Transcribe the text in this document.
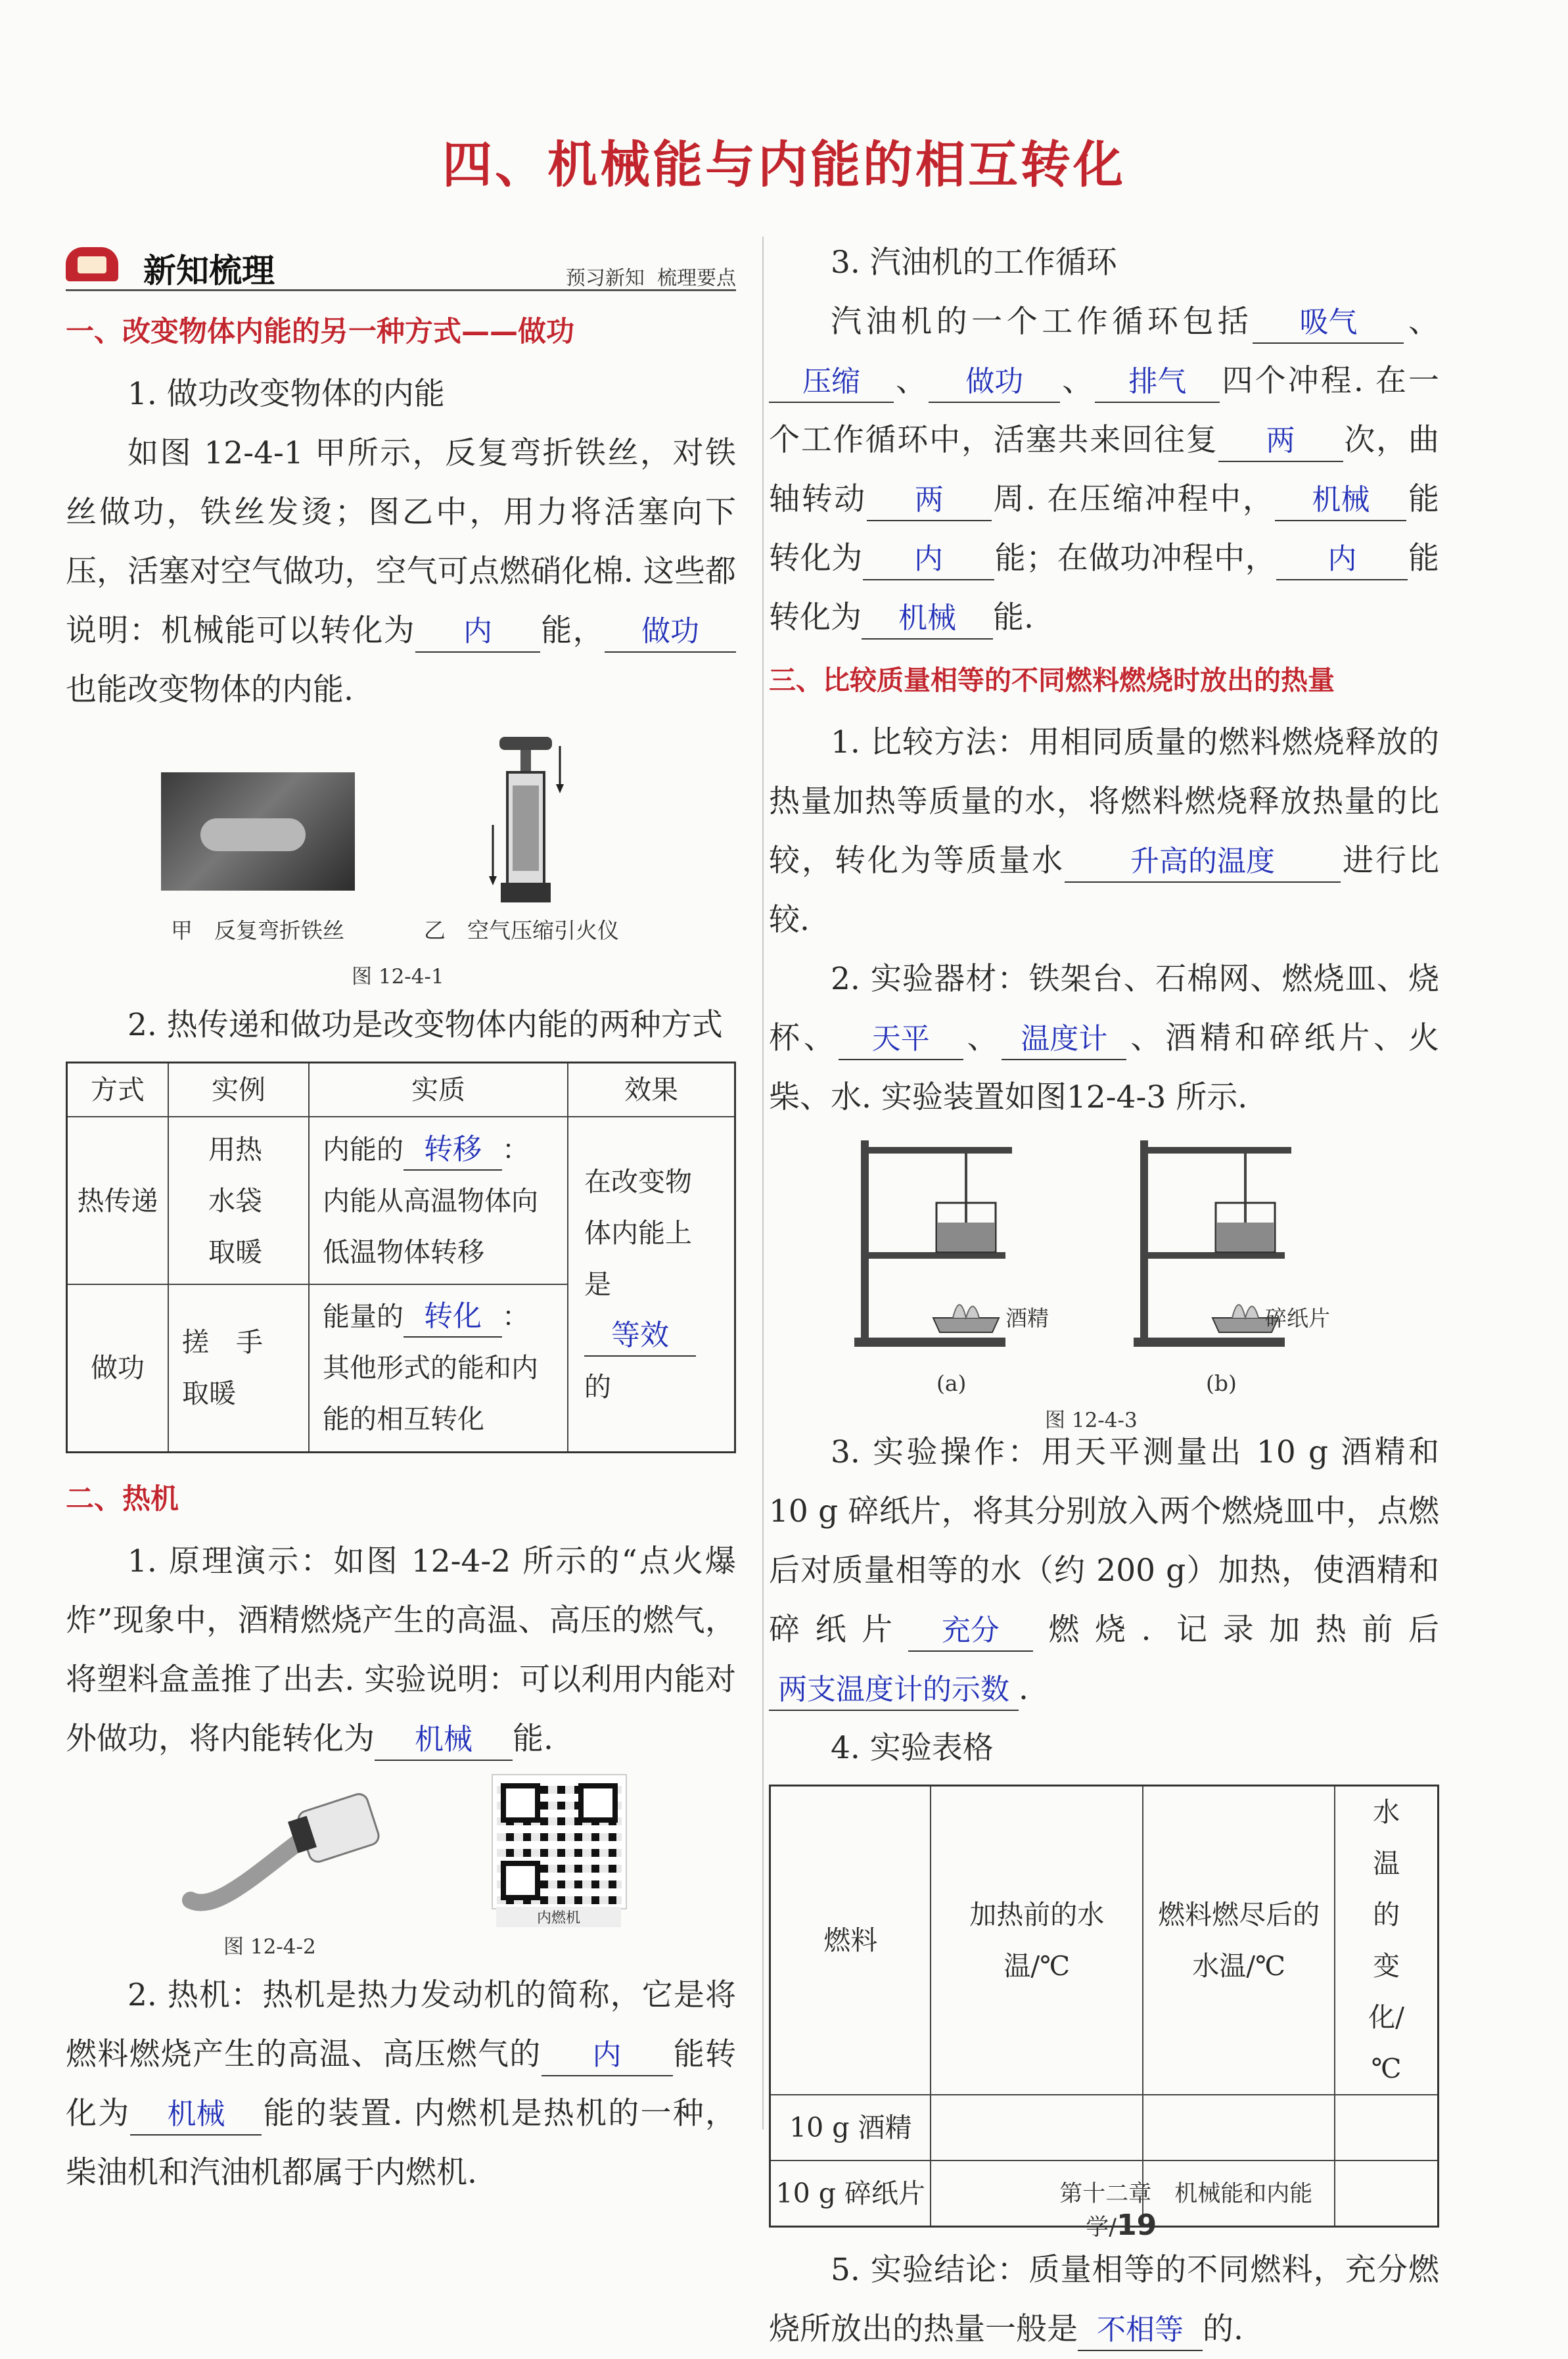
四、机械能与内能的相互转化
新知梳理	预习新知  梳理要点
一、改变物体内能的另一种方式——做功
1. 做功改变物体的内能
如图 12-4-1 甲所示，反复弯折铁丝，对铁丝做功，铁丝发烫；图乙中，用力将活塞向下压，活塞对空气做功，空气可点燃硝化棉. 这些都说明：机械能可以转化为 内 能， 做功也能改变物体的内能.
甲　反复弯折铁丝	乙　空气压缩引火仪
图 12-4-1
2. 热传递和做功是改变物体内能的两种方式
方式	实例	实质	效果
热传递	用热水袋取暖	内能的 转移 ：内能从高温物体向低温物体转移	在改变物体内能上是等效的
做功	搓　手取暖	能量的 转化 ：其他形式的能和内能的相互转化	
二、热机
1. 原理演示：如图 12-4-2 所示的“点火爆炸”现象中，酒精燃烧产生的高温、高压的燃气，将塑料盒盖推了出去. 实验说明：可以利用内能对外做功，将内能转化为 机械 能.
内燃机
图 12-4-2
2. 热机：热机是热力发动机的简称，它是将燃料燃烧产生的高温、高压燃气的 内 能转化为 机械 能的装置. 内燃机是热机的一种，柴油机和汽油机都属于内燃机.
3. 汽油机的工作循环
汽油机的一个工作循环包括 吸气 、压缩 、 做功 、 排气 四个冲程. 在一个工作循环中，活塞共来回往复 两 次，曲轴转动 两 周. 在压缩冲程中， 机械 能转化为 内 能；在做功冲程中， 内 能转化为 机械 能.
三、比较质量相等的不同燃料燃烧时放出的热量
1. 比较方法：用相同质量的燃料燃烧释放的热量加热等质量的水，将燃料燃烧释放热量的比较，转化为等质量水 升高的温度 进行比较.
2. 实验器材：铁架台、石棉网、燃烧皿、烧杯、 天平 、 温度计 、酒精和碎纸片、火柴、水. 实验装置如图12-4-3 所示.
酒精
(a)
碎纸片
(b)
图 12-4-3
3. 实验操作：用天平测量出 10 g 酒精和 10 g 碎纸片，将其分别放入两个燃烧皿中，点燃后对质量相等的水（约 200 g）加热，使酒精和碎纸片 充分 燃烧. 记录加热前后两支温度计的示数 .
4. 实验表格
燃料	加热前的水温/℃	燃料燃尽后的水温/℃	水温的变化/℃
10 g 酒精			
10 g 碎纸片			
5. 实验结论：质量相等的不同燃料，充分燃烧所放出的热量一般是 不相等 的.

第十二章　机械能和内能
学/19
